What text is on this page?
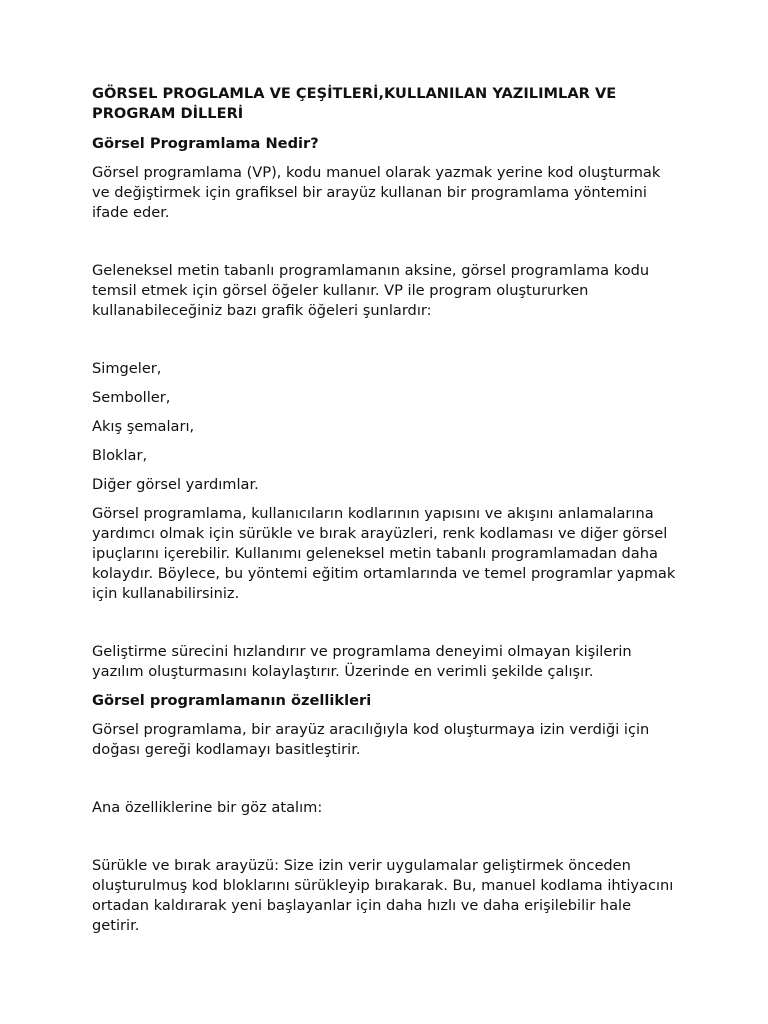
GÖRSEL PROGLAMLA VE ÇEŞİTLERİ,KULLANILAN YAZILIMLAR VE PROGRAM DİLLERİ
Görsel Programlama Nedir?

Görsel programlama (VP), kodu manuel olarak yazmak yerine kod oluşturmak ve değiştirmek için grafiksel bir arayüz kullanan bir programlama yöntemini ifade eder.

Geleneksel metin tabanlı programlamanın aksine, görsel programlama kodu temsil etmek için görsel öğeler kullanır. VP ile program oluştururken kullanabileceğiniz bazı grafik öğeleri şunlardır:

Simgeler,
Semboller,
Akış şemaları,
Bloklar,
Diğer görsel yardımlar.

Görsel programlama, kullanıcıların kodlarının yapısını ve akışını anlamalarına yardımcı olmak için sürükle ve bırak arayüzleri, renk kodlaması ve diğer görsel ipuçlarını içerebilir. Kullanımı geleneksel metin tabanlı programlamadan daha kolaydır. Böylece, bu yöntemi eğitim ortamlarında ve temel programlar yapmak için kullanabilirsiniz.

Geliştirme sürecini hızlandırır ve programlama deneyimi olmayan kişilerin yazılım oluşturmasını kolaylaştırır. Üzerinde en verimli şekilde çalışır.

Görsel programlamanın özellikleri

Görsel programlama, bir arayüz aracılığıyla kod oluşturmaya izin verdiği için doğası gereği kodlamayı basitleştirir.

Ana özelliklerine bir göz atalım:

Sürükle ve bırak arayüzü: Size izin verir uygulamalar geliştirmek önceden oluşturulmuş kod bloklarını sürükleyip bırakarak. Bu, manuel kodlama ihtiyacını ortadan kaldırarak yeni başlayanlar için daha hızlı ve daha erişilebilir hale getirir.
